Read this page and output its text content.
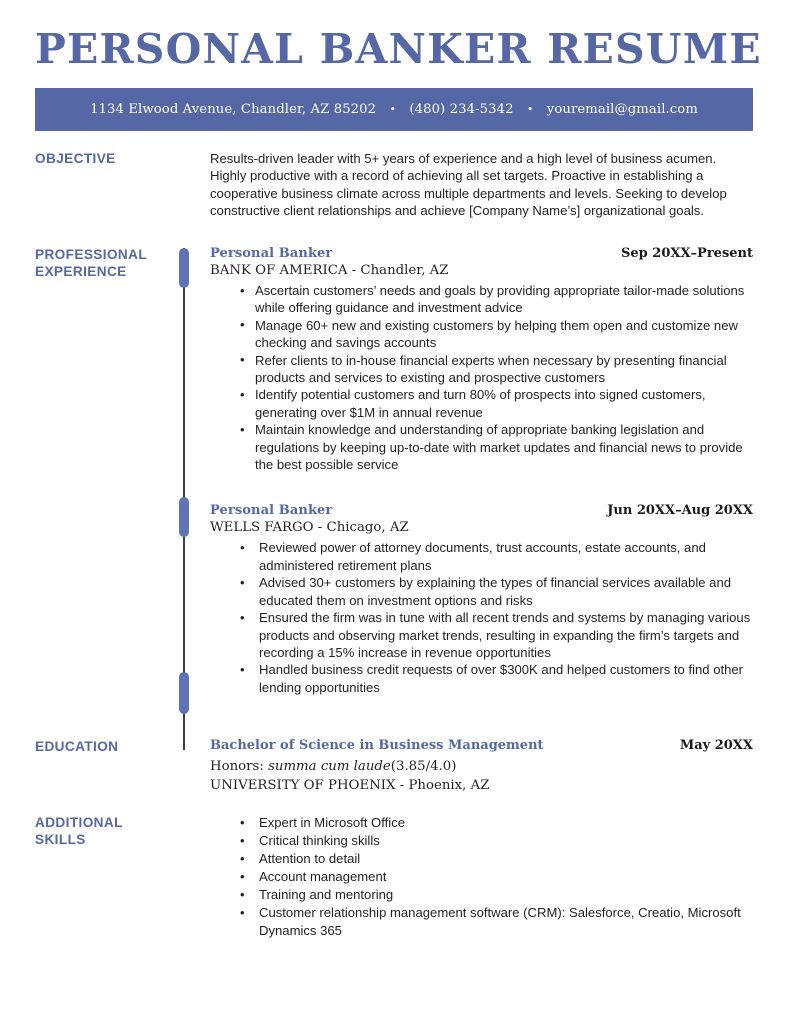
PERSONAL BANKER RESUME
1134 Elwood Avenue, Chandler, AZ 85202 • (480) 234-5342 • youremail@gmail.com
OBJECTIVE	Results-driven leader with 5+ years of experience and a high level of business acumen. Highly productive with a record of achieving all set targets. Proactive in establishing a cooperative business climate across multiple departments and levels. Seeking to develop constructive client relationships and achieve [Company Name’s] organizational goals.
PROFESSIONAL
EXPERIENCE
Personal Banker	Sep 20XX–Present
BANK OF AMERICA - Chandler, AZ
• Ascertain customers’ needs and goals by providing appropriate tailor-made solutions while offering guidance and investment advice
• Manage 60+ new and existing customers by helping them open and customize new checking and savings accounts
• Refer clients to in-house financial experts when necessary by presenting financial products and services to existing and prospective customers
• Identify potential customers and turn 80% of prospects into signed customers, generating over $1M in annual revenue
• Maintain knowledge and understanding of appropriate banking legislation and regulations by keeping up-to-date with market updates and financial news to provide the best possible service
Personal Banker	Jun 20XX–Aug 20XX
WELLS FARGO - Chicago, AZ
• Reviewed power of attorney documents, trust accounts, estate accounts, and administered retirement plans
• Advised 30+ customers by explaining the types of financial services available and educated them on investment options and risks
• Ensured the firm was in tune with all recent trends and systems by managing various products and observing market trends, resulting in expanding the firm’s targets and recording a 15% increase in revenue opportunities
• Handled business credit requests of over $300K and helped customers to find other lending opportunities
EDUCATION	Bachelor of Science in Business Management	May 20XX
Honors: summa cum laude(3.85/4.0)
UNIVERSITY OF PHOENIX - Phoenix, AZ
ADDITIONAL
SKILLS
• Expert in Microsoft Office
• Critical thinking skills
• Attention to detail
• Account management
• Training and mentoring
• Customer relationship management software (CRM): Salesforce, Creatio, Microsoft Dynamics 365
